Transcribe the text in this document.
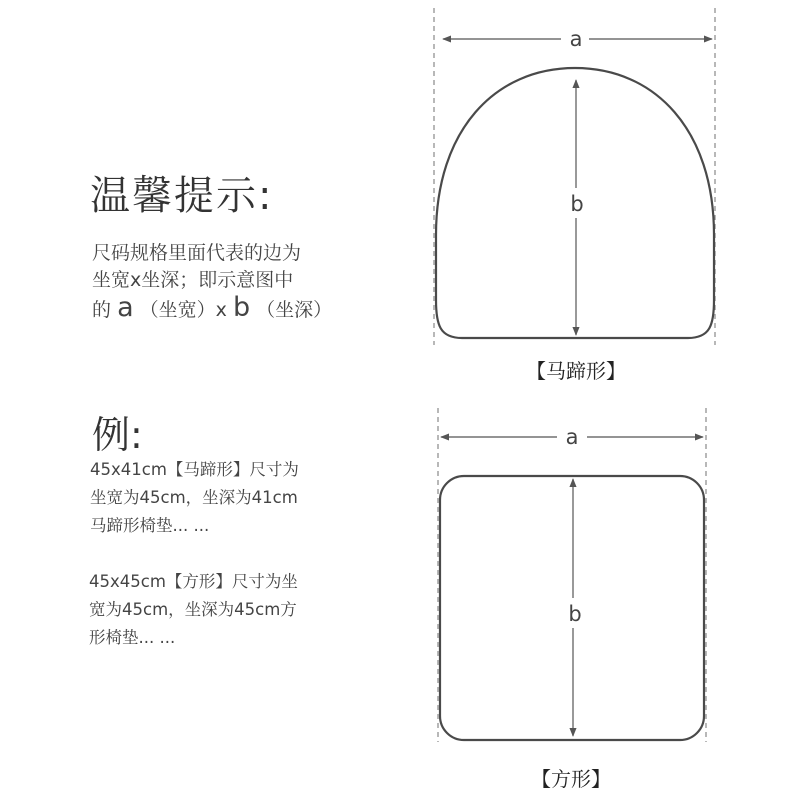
温馨提示:
尺码规格里面代表的边为
坐宽x坐深；即示意图中
的 a （坐宽）x b （坐深）
例:
45x41cm【马蹄形】尺寸为
坐宽为45cm，坐深为41cm
马蹄形椅垫... ...
45x45cm【方形】尺寸为坐
宽为45cm，坐深为45cm方
形椅垫... ...
a
b
a
b
【马蹄形】
【方形】
